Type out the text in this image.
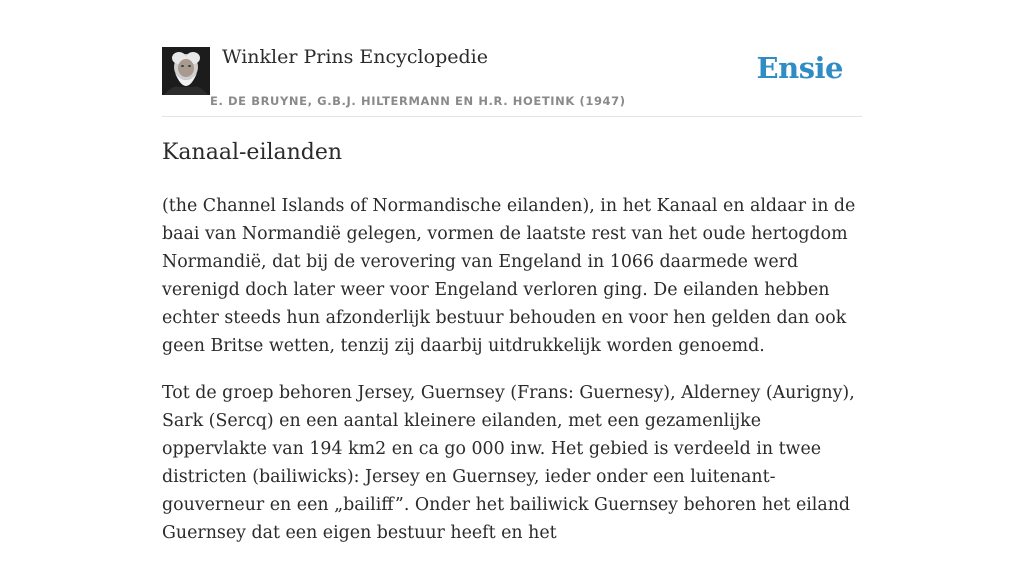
Winkler Prins Encyclopedie
E. DE BRUYNE, G.B.J. HILTERMANN EN H.R. HOETINK (1947)
Ensie
Kanaal-eilanden

(the Channel Islands of Normandische eilanden), in het Kanaal en aldaar in de baai van Normandië gelegen, vormen de laatste rest van het oude hertogdom Normandië, dat bij de verovering van Engeland in 1066 daarmede werd verenigd doch later weer voor Engeland verloren ging. De eilanden hebben echter steeds hun afzonderlijk bestuur behouden en voor hen gelden dan ook geen Britse wetten, tenzij zij daarbij uitdrukkelijk worden genoemd.

Tot de groep behoren Jersey, Guernsey (Frans: Guernesy), Alderney (Aurigny), Sark (Sercq) en een aantal kleinere eilanden, met een gezamenlijke oppervlakte van 194 km2 en ca go 000 inw. Het gebied is verdeeld in twee districten (bailiwicks): Jersey en Guernsey, ieder onder een luitenant-gouverneur en een „bailiff”. Onder het bailiwick Guernsey behoren het eiland Guernsey dat een eigen bestuur heeft en het
